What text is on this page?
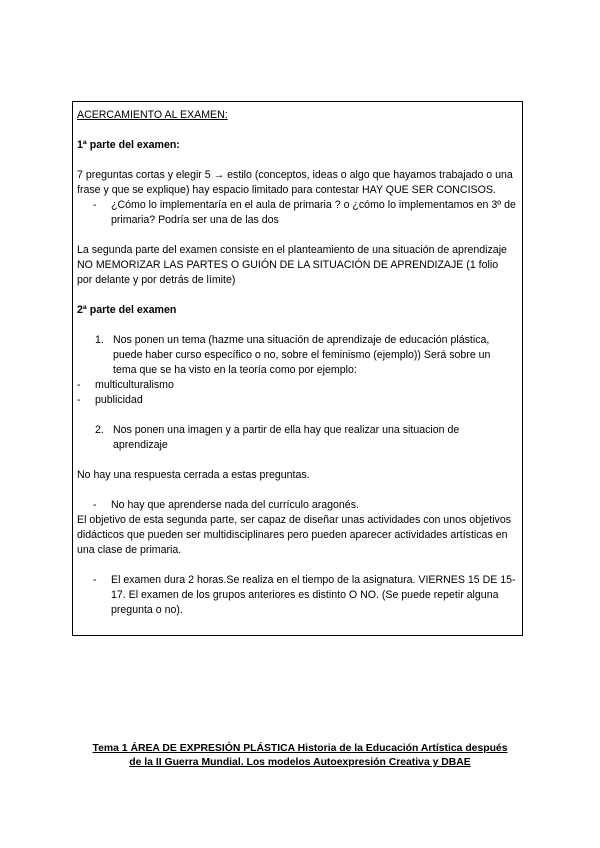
ACERCAMIENTO AL EXAMEN:

1ª parte del examen:

7 preguntas cortas y elegir 5 → estilo (conceptos, ideas o algo que hayamos trabajado o una frase y que se explique) hay espacio limitado para contestar HAY QUE SER CONCISOS.

-	¿Cómo lo implementaría en el aula de primaria ? o ¿cómo lo implementamos en 3º de primaria? Podría ser una de las dos

La segunda parte del examen consiste en el planteamiento de una situación de aprendizaje NO MEMORIZAR LAS PARTES O GUIÓN DE LA SITUACIÓN DE APRENDIZAJE (1 folio por delante y por detrás de límite)

2ª parte del examen

1. Nos ponen un tema (hazme una situación de aprendizaje de educación plástica, puede haber curso específico o no, sobre el feminismo (ejemplo)) Será sobre un tema que se ha visto en la teoría como por ejemplo:
-	multiculturalismo
-	publicidad
2. Nos ponen una imagen y a partir de ella hay que realizar una situacion de aprendizaje

No hay una respuesta cerrada a estas preguntas.

-	No hay que aprenderse nada del currículo aragonés.

El objetivo de esta segunda parte, ser capaz de diseñar unas actividades con unos objetivos didácticos que pueden ser multidisciplinares pero pueden aparecer actividades artísticas en una clase de primaria.

-	El examen dura 2 horas.Se realiza en el tiempo de la asignatura. VIERNES 15 DE 15-17. El examen de los grupos anteriores es distinto O NO. (Se puede repetir alguna pregunta o no).
Tema 1 ÁREA DE EXPRESIÓN PLÁSTICA Historia de la Educación Artística después
de la II Guerra Mundial. Los modelos Autoexpresión Creativa y DBAE
